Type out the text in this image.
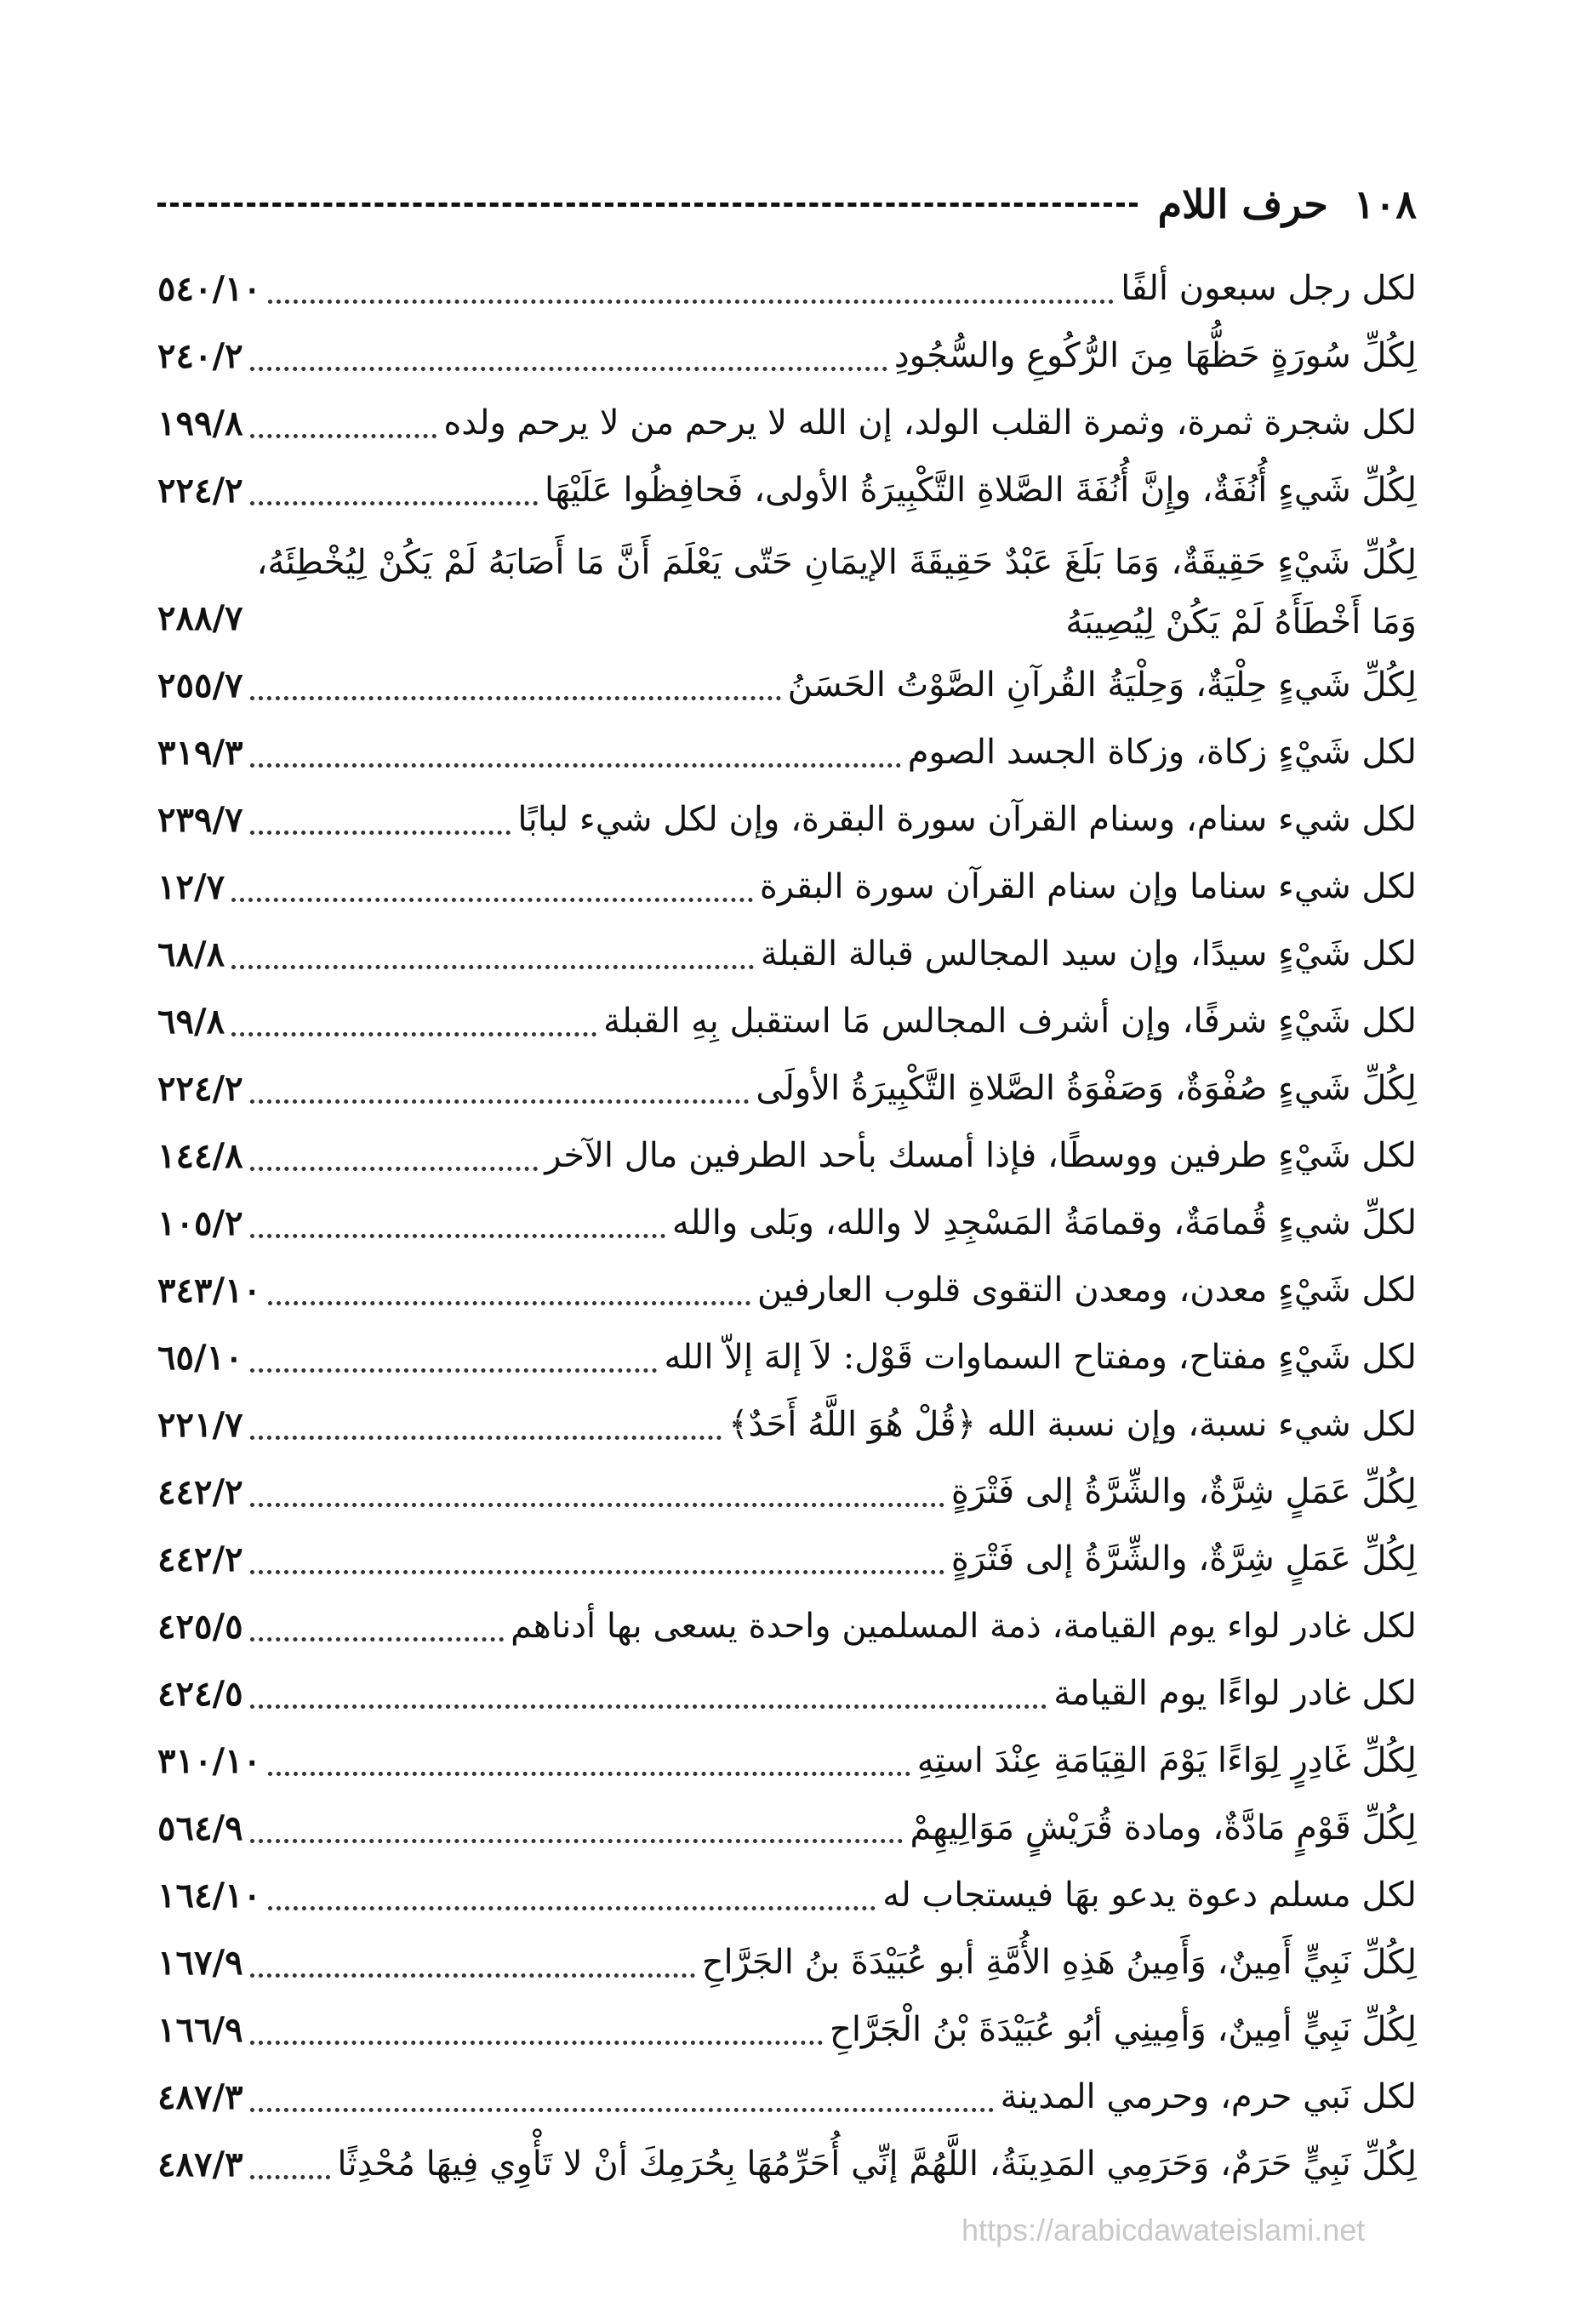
١٠٨
حرف اللام
لكل رجل سبعون ألفًا
٥٤٠/١٠
لِكُلِّ سُورَةٍ حَظُّهَا مِنَ الرُّكُوعِ والسُّجُودِ
٢٤٠/٢
لكل شجرة ثمرة، وثمرة القلب الولد، إن الله لا يرحم من لا يرحم ولده
١٩٩/٨
لِكُلِّ شَيءٍ أُنُفَةٌ، وإِنَّ أُنُفَةَ الصَّلاةِ التَّكْبِيرَةُ الأولى، فَحافِظُوا عَلَيْهَا
٢٢٤/٢
لِكُلِّ شَيْءٍ حَقِيقَةٌ، وَمَا بَلَغَ عَبْدٌ حَقِيقَةَ الإيمَانِ حَتّى يَعْلَمَ أَنَّ مَا أَصَابَهُ لَمْ يَكُنْ لِيُخْطِئَهُ، وَمَا أَخْطَأَهُ لَمْ يَكُنْ لِيُصِيبَهُ
٢٨٨/٧
لِكُلِّ شَيءٍ حِلْيَةٌ، وَحِلْيَةُ القُرآنِ الصَّوْتُ الحَسَنُ
٢٥٥/٧
لكل شَيْءٍ زكاة، وزكاة الجسد الصوم
٣١٩/٣
لكل شيء سنام، وسنام القرآن سورة البقرة، وإن لكل شيء لبابًا
٢٣٩/٧
لكل شيء سناما وإن سنام القرآن سورة البقرة
١٢/٧
لكل شَيْءٍ سيدًا، وإن سيد المجالس قبالة القبلة
٦٨/٨
لكل شَيْءٍ شرفًا، وإن أشرف المجالس مَا استقبل بِهِ القبلة
٦٩/٨
لِكُلِّ شَيءٍ صُفْوَةٌ، وَصَفْوَةُ الصَّلاةِ التَّكْبِيرَةُ الأولَى
٢٢٤/٢
لكل شَيْءٍ طرفين ووسطًا، فإذا أمسك بأحد الطرفين مال الآخر
١٤٤/٨
لكلِّ شيءٍ قُمامَةٌ، وقمامَةُ المَسْجِدِ لا والله، وبَلى والله
١٠٥/٢
لكل شَيْءٍ معدن، ومعدن التقوى قلوب العارفين
٣٤٣/١٠
لكل شَيْءٍ مفتاح، ومفتاح السماوات قَوْل: لاَ إلهَ إلاّ الله
٦٥/١٠
لكل شيء نسبة، وإن نسبة الله ﴿قُلْ هُوَ اللَّهُ أَحَدٌ﴾
٢٢١/٧
لِكُلِّ عَمَلٍ شِرَّةٌ، والشِّرَّةُ إلى فَتْرَةٍ
٤٤٢/٢
لِكُلِّ عَمَلٍ شِرَّةٌ، والشِّرَّةُ إلى فَتْرَةٍ
٤٤٢/٢
لكل غادر لواء يوم القيامة، ذمة المسلمين واحدة يسعى بها أدناهم
٤٢٥/٥
لكل غادر لواءًا يوم القيامة
٤٢٤/٥
لِكُلِّ غَادِرٍ لِوَاءًا يَوْمَ القِيَامَةِ عِنْدَ استِهِ
٣١٠/١٠
لِكُلِّ قَوْمٍ مَادَّةٌ، ومادة قُرَيْشٍ مَوَالِيهِمْ
٥٦٤/٩
لكل مسلم دعوة يدعو بهَا فيستجاب له
١٦٤/١٠
لِكُلِّ نَبِيٍّ أَمِينٌ، وَأَمِينُ هَذِهِ الأُمَّةِ أبو عُبَيْدَةَ بنُ الجَرَّاحِ
١٦٧/٩
لِكُلِّ نَبِيٍّ أمِينٌ، وَأمِينِي أبُو عُبَيْدَةَ بْنُ الْجَرَّاحِ
١٦٦/٩
لكل نَبي حرم، وحرمي المدينة
٤٨٧/٣
لِكُلِّ نَبِيٍّ حَرَمٌ، وَحَرَمِي المَدِينَةُ، اللَّهُمَّ إنِّي أُحَرِّمُهَا بِحُرَمِكَ أنْ لا تَأْوِي فِيهَا مُحْدِثًا
٤٨٧/٣
https://arabicdawateislami.net
